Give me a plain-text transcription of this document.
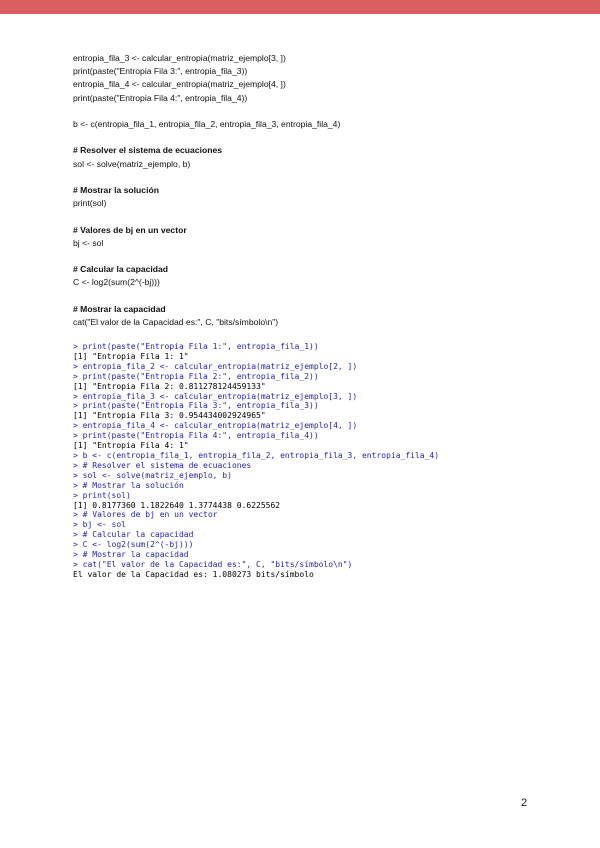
entropia_fila_3 <- calcular_entropia(matriz_ejemplo[3, ])
print(paste("Entropia Fila 3:", entropia_fila_3))
entropia_fila_4 <- calcular_entropia(matriz_ejemplo[4, ])
print(paste("Entropia Fila 4:", entropia_fila_4))
b <- c(entropia_fila_1, entropia_fila_2, entropia_fila_3, entropia_fila_4)
# Resolver el sistema de ecuaciones
sol <- solve(matriz_ejemplo, b)
# Mostrar la solución
print(sol)
# Valores de bj en un vector
bj <- sol
# Calcular la capacidad
C <- log2(sum(2^(-bj)))
# Mostrar la capacidad
cat("El valor de la Capacidad es:", C, "bits/símbolo\n")
> print(paste("Entropia Fila 1:", entropia_fila_1))
[1] "Entropia Fila 1: 1"
> entropia_fila_2 <- calcular_entropia(matriz_ejemplo[2, ])
> print(paste("Entropia Fila 2:", entropia_fila_2))
[1] "Entropia Fila 2: 0.811278124459133"
> entropia_fila_3 <- calcular_entropia(matriz_ejemplo[3, ])
> print(paste("Entropia Fila 3:", entropia_fila_3))
[1] "Entropia Fila 3: 0.954434002924965"
> entropia_fila_4 <- calcular_entropia(matriz_ejemplo[4, ])
> print(paste("Entropia Fila 4:", entropia_fila_4))
[1] "Entropia Fila 4: 1"
> b <- c(entropia_fila_1, entropia_fila_2, entropia_fila_3, entropia_fila_4)
> # Resolver el sistema de ecuaciones
> sol <- solve(matriz_ejemplo, b)
> # Mostrar la solución
> print(sol)
[1] 0.8177360 1.1822640 1.3774438 0.6225562
> # Valores de bj en un vector
> bj <- sol
> # Calcular la capacidad
> C <- log2(sum(2^(-bj)))
> # Mostrar la capacidad
> cat("El valor de la Capacidad es:", C, "bits/símbolo\n")
El valor de la Capacidad es: 1.080273 bits/símbolo
2
